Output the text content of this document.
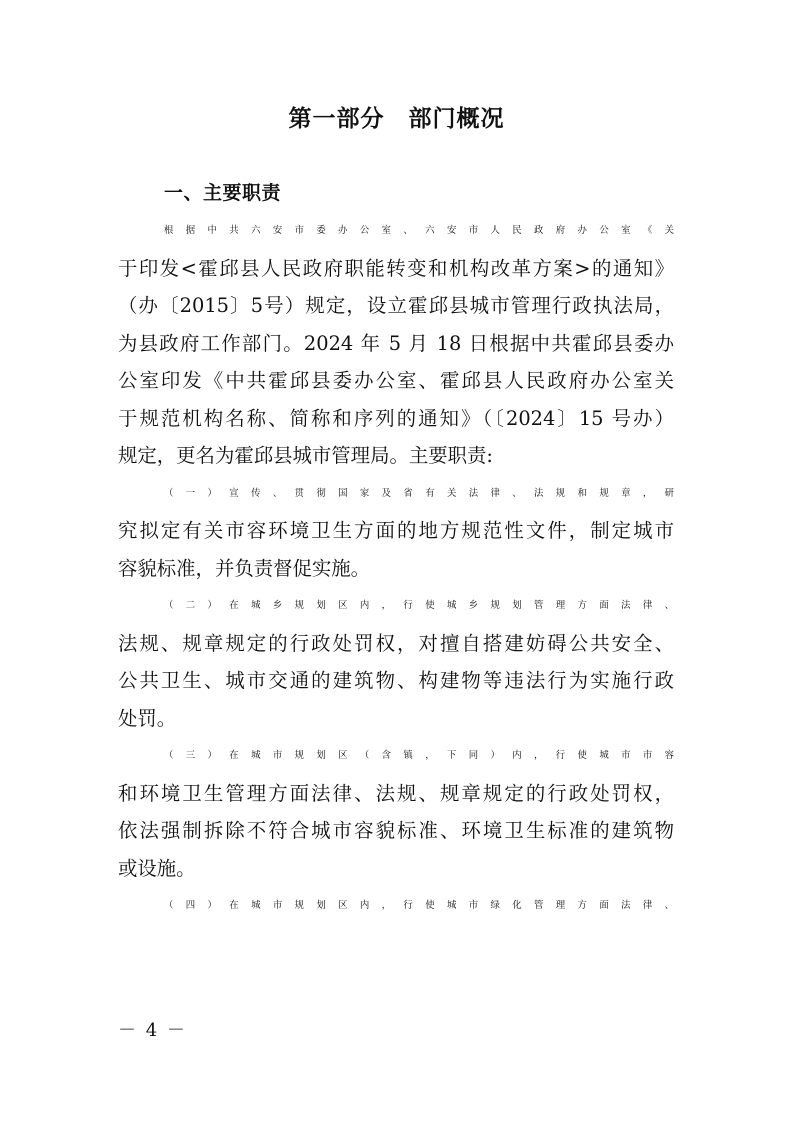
第一部分　部门概况
一、主要职责
根据中共六安市委办公室、六安市人民政府办公室《关
于印发<霍邱县人民政府职能转变和机构改革方案>的通知》
（办〔2015〕5号）规定，设立霍邱县城市管理行政执法局，
为县政府工作部门。2024 年 5 月 18 日根据中共霍邱县委办
公室印发《中共霍邱县委办公室、霍邱县人民政府办公室关
于规范机构名称、简称和序列的通知》（〔2024〕15 号办）
规定，更名为霍邱县城市管理局。主要职责:
（一）宣传、贯彻国家及省有关法律、法规和规章，研
究拟定有关市容环境卫生方面的地方规范性文件，制定城市
容貌标准，并负责督促实施。
（二）在城乡规划区内，行使城乡规划管理方面法律、
法规、规章规定的行政处罚权，对擅自搭建妨碍公共安全、
公共卫生、城市交通的建筑物、构建物等违法行为实施行政
处罚。
（三）在城市规划区（含镇，下同）内，行使城市市容
和环境卫生管理方面法律、法规、规章规定的行政处罚权，
依法强制拆除不符合城市容貌标准、环境卫生标准的建筑物
或设施。
（四）在城市规划区内，行使城市绿化管理方面法律、
－ 4 －
